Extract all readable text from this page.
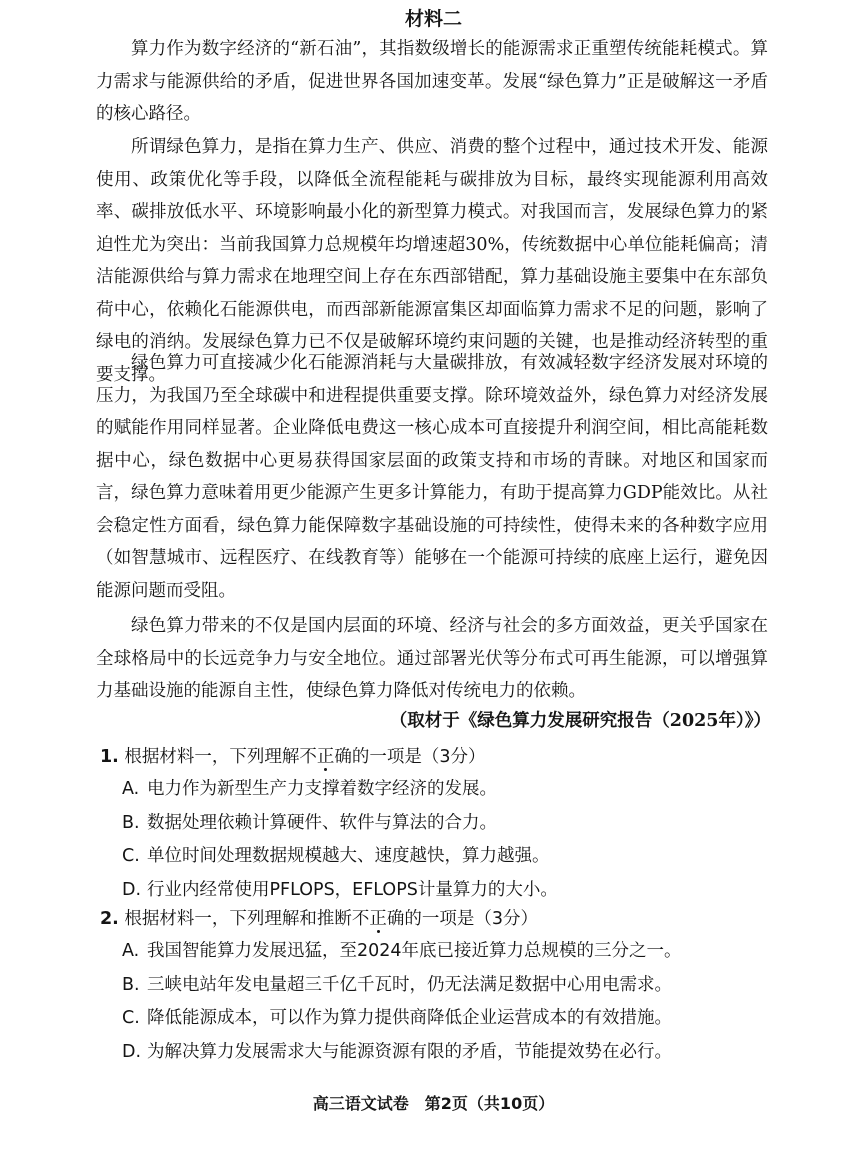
材料二

算力作为数字经济的“新石油”，其指数级增长的能源需求正重塑传统能耗模式。算力需求与能源供给的矛盾，促进世界各国加速变革。发展“绿色算力”正是破解这一矛盾的核心路径。

所谓绿色算力，是指在算力生产、供应、消费的整个过程中，通过技术开发、能源使用、政策优化等手段，以降低全流程能耗与碳排放为目标，最终实现能源利用高效率、碳排放低水平、环境影响最小化的新型算力模式。对我国而言，发展绿色算力的紧迫性尤为突出：当前我国算力总规模年均增速超30%，传统数据中心单位能耗偏高；清洁能源供给与算力需求在地理空间上存在东西部错配，算力基础设施主要集中在东部负荷中心，依赖化石能源供电，而西部新能源富集区却面临算力需求不足的问题，影响了绿电的消纳。发展绿色算力已不仅是破解环境约束问题的关键，也是推动经济转型的重要支撑。

绿色算力可直接减少化石能源消耗与大量碳排放，有效减轻数字经济发展对环境的压力，为我国乃至全球碳中和进程提供重要支撑。除环境效益外，绿色算力对经济发展的赋能作用同样显著。企业降低电费这一核心成本可直接提升利润空间，相比高能耗数据中心，绿色数据中心更易获得国家层面的政策支持和市场的青睐。对地区和国家而言，绿色算力意味着用更少能源产生更多计算能力，有助于提高算力GDP能效比。从社会稳定性方面看，绿色算力能保障数字基础设施的可持续性，使得未来的各种数字应用（如智慧城市、远程医疗、在线教育等）能够在一个能源可持续的底座上运行，避免因能源问题而受阻。

绿色算力带来的不仅是国内层面的环境、经济与社会的多方面效益，更关乎国家在全球格局中的长远竞争力与安全地位。通过部署光伏等分布式可再生能源，可以增强算力基础设施的能源自主性，使绿色算力降低对传统电力的依赖。

（取材于《绿色算力发展研究报告（2025年）》）

1. 根据材料一，下列理解不正确的一项是（3分）
A. 电力作为新型生产力支撑着数字经济的发展。
B. 数据处理依赖计算硬件、软件与算法的合力。
C. 单位时间处理数据规模越大、速度越快，算力越强。
D. 行业内经常使用PFLOPS，EFLOPS计量算力的大小。
2. 根据材料一，下列理解和推断不正确的一项是（3分）
A. 我国智能算力发展迅猛，至2024年底已接近算力总规模的三分之一。
B. 三峡电站年发电量超三千亿千瓦时，仍无法满足数据中心用电需求。
C. 降低能源成本，可以作为算力提供商降低企业运营成本的有效措施。
D. 为解决算力发展需求大与能源资源有限的矛盾，节能提效势在必行。
高三语文试卷　第2页（共10页）
